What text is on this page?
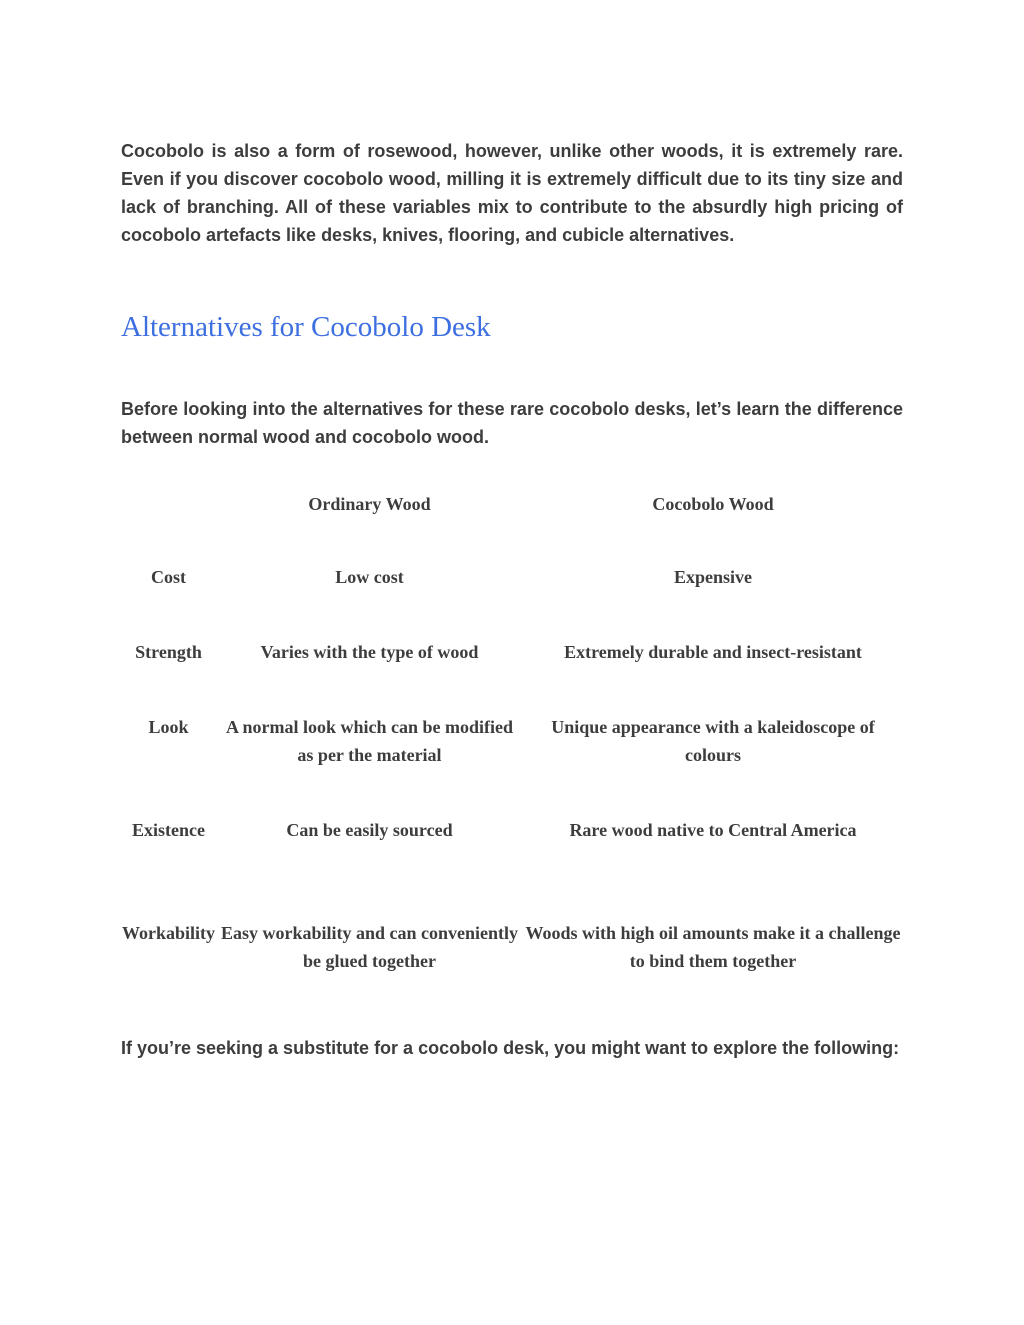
Cocobolo is also a form of rosewood, however, unlike other woods, it is extremely rare. Even if you discover cocobolo wood, milling it is extremely difficult due to its tiny size and lack of branching. All of these variables mix to contribute to the absurdly high pricing of cocobolo artefacts like desks, knives, flooring, and cubicle alternatives.

Alternatives for Cocobolo Desk

Before looking into the alternatives for these rare cocobolo desks, let’s learn the difference between normal wood and cocobolo wood.

	Ordinary Wood	Cocobolo Wood
Cost	Low cost	Expensive
Strength	Varies with the type of wood	Extremely durable and insect-resistant
Look	A normal look which can be modified as per the material	Unique appearance with a kaleidoscope of colours
Existence	Can be easily sourced	Rare wood native to Central America
Workability	Easy workability and can conveniently be glued together	Woods with high oil amounts make it a challenge to bind them together

If you’re seeking a substitute for a cocobolo desk, you might want to explore the following:
